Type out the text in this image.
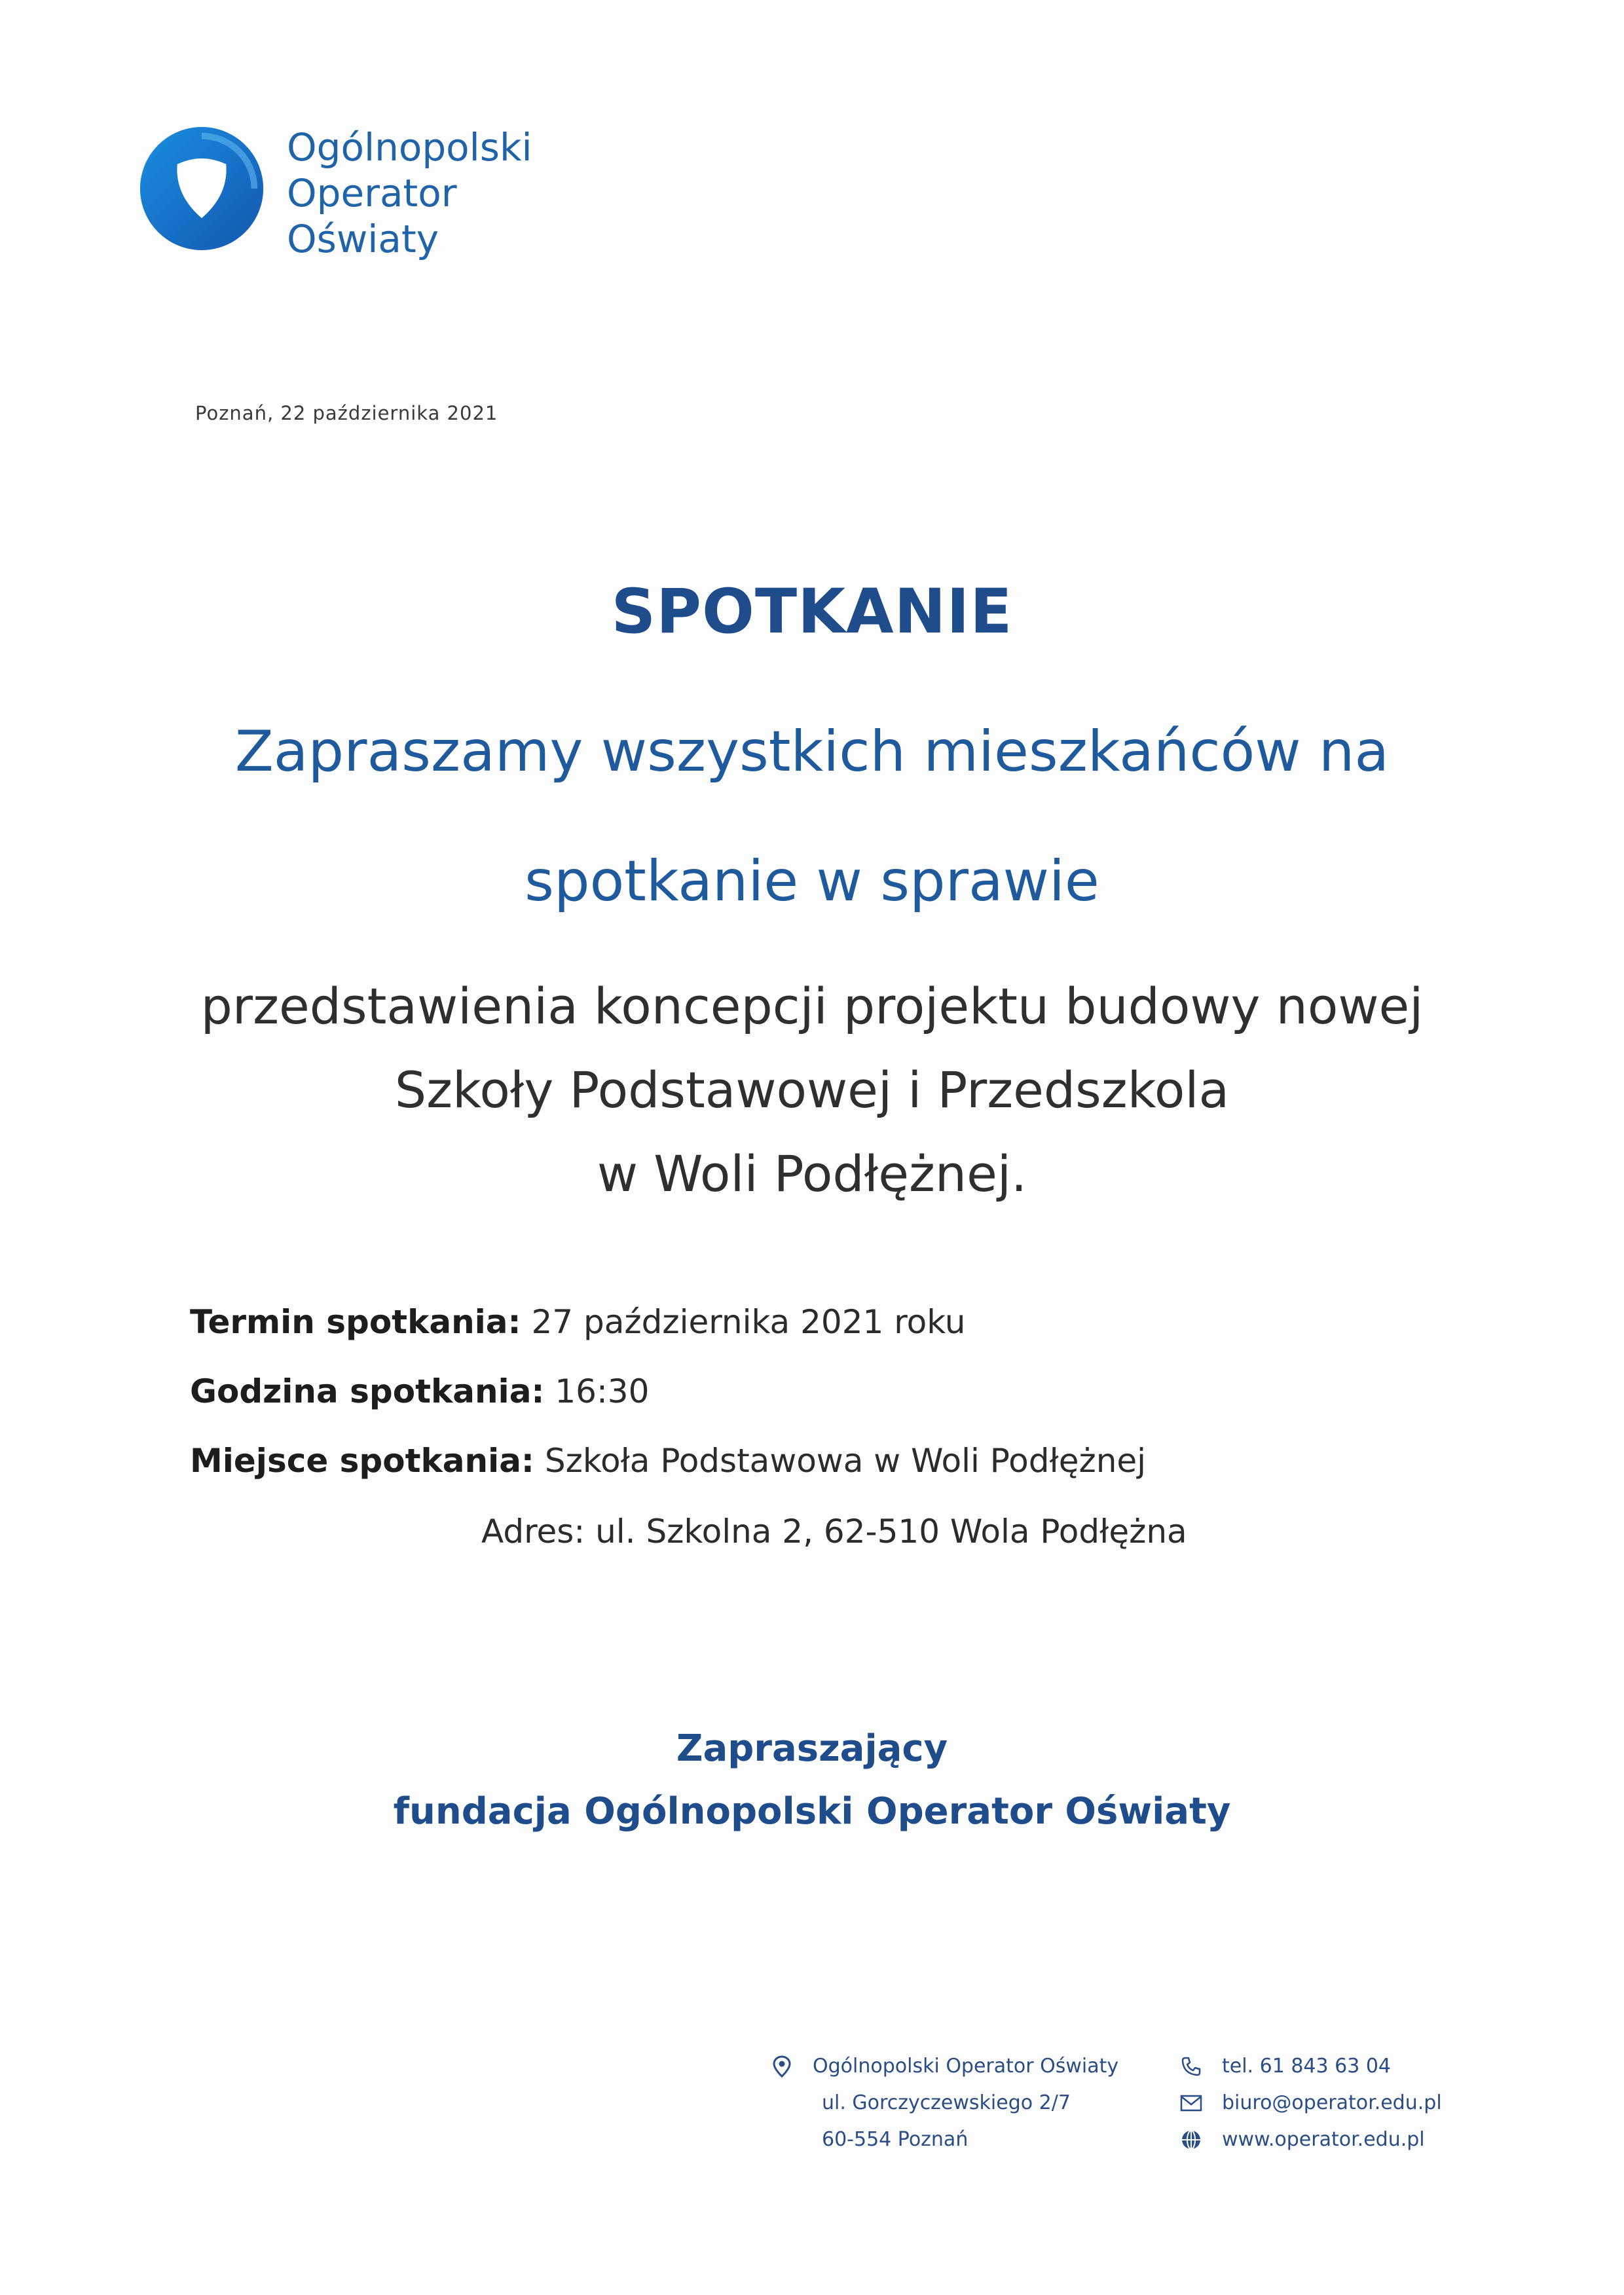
Ogólnopolski
Operator
Oświaty
Poznań, 22 października 2021
SPOTKANIE
Zapraszamy wszystkich mieszkańców na
spotkanie w sprawie
przedstawienia koncepcji projektu budowy nowej
Szkoły Podstawowej i Przedszkola
w Woli Podłężnej.
Termin spotkania: 27 października 2021 roku
Godzina spotkania: 16:30
Miejsce spotkania: Szkoła Podstawowa w Woli Podłężnej
Adres: ul. Szkolna 2, 62-510 Wola Podłężna
Zapraszający
fundacja Ogólnopolski Operator Oświaty
Ogólnopolski Operator Oświaty
ul. Gorczyczewskiego 2/7
60-554 Poznań
tel. 61 843 63 04
biuro@operator.edu.pl
www.operator.edu.pl
